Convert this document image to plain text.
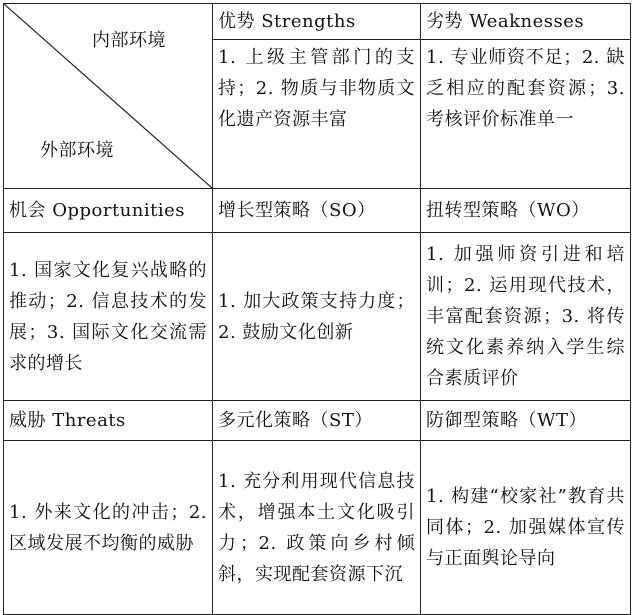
内部环境
外部环境	优势 Strengths	劣势 Weaknesses
	1. 上级主管部门的支持；2. 物质与非物质文化遗产资源丰富	1. 专业师资不足；2. 缺乏相应的配套资源；3. 考核评价标准单一
机会 Opportunities	增长型策略（SO）	扭转型策略（WO）
1. 国家文化复兴战略的推动；2. 信息技术的发展；3. 国际文化交流需求的增长	1. 加大政策支持力度；2. 鼓励文化创新	1. 加强师资引进和培训；2. 运用现代技术，丰富配套资源；3. 将传统文化素养纳入学生综合素质评价
威胁 Threats	多元化策略（ST）	防御型策略（WT）
1. 外来文化的冲击；2. 区域发展不均衡的威胁	1. 充分利用现代信息技术，增强本土文化吸引力；2. 政策向乡村倾斜，实现配套资源下沉	1. 构建“校家社”教育共同体；2. 加强媒体宣传与正面舆论导向
